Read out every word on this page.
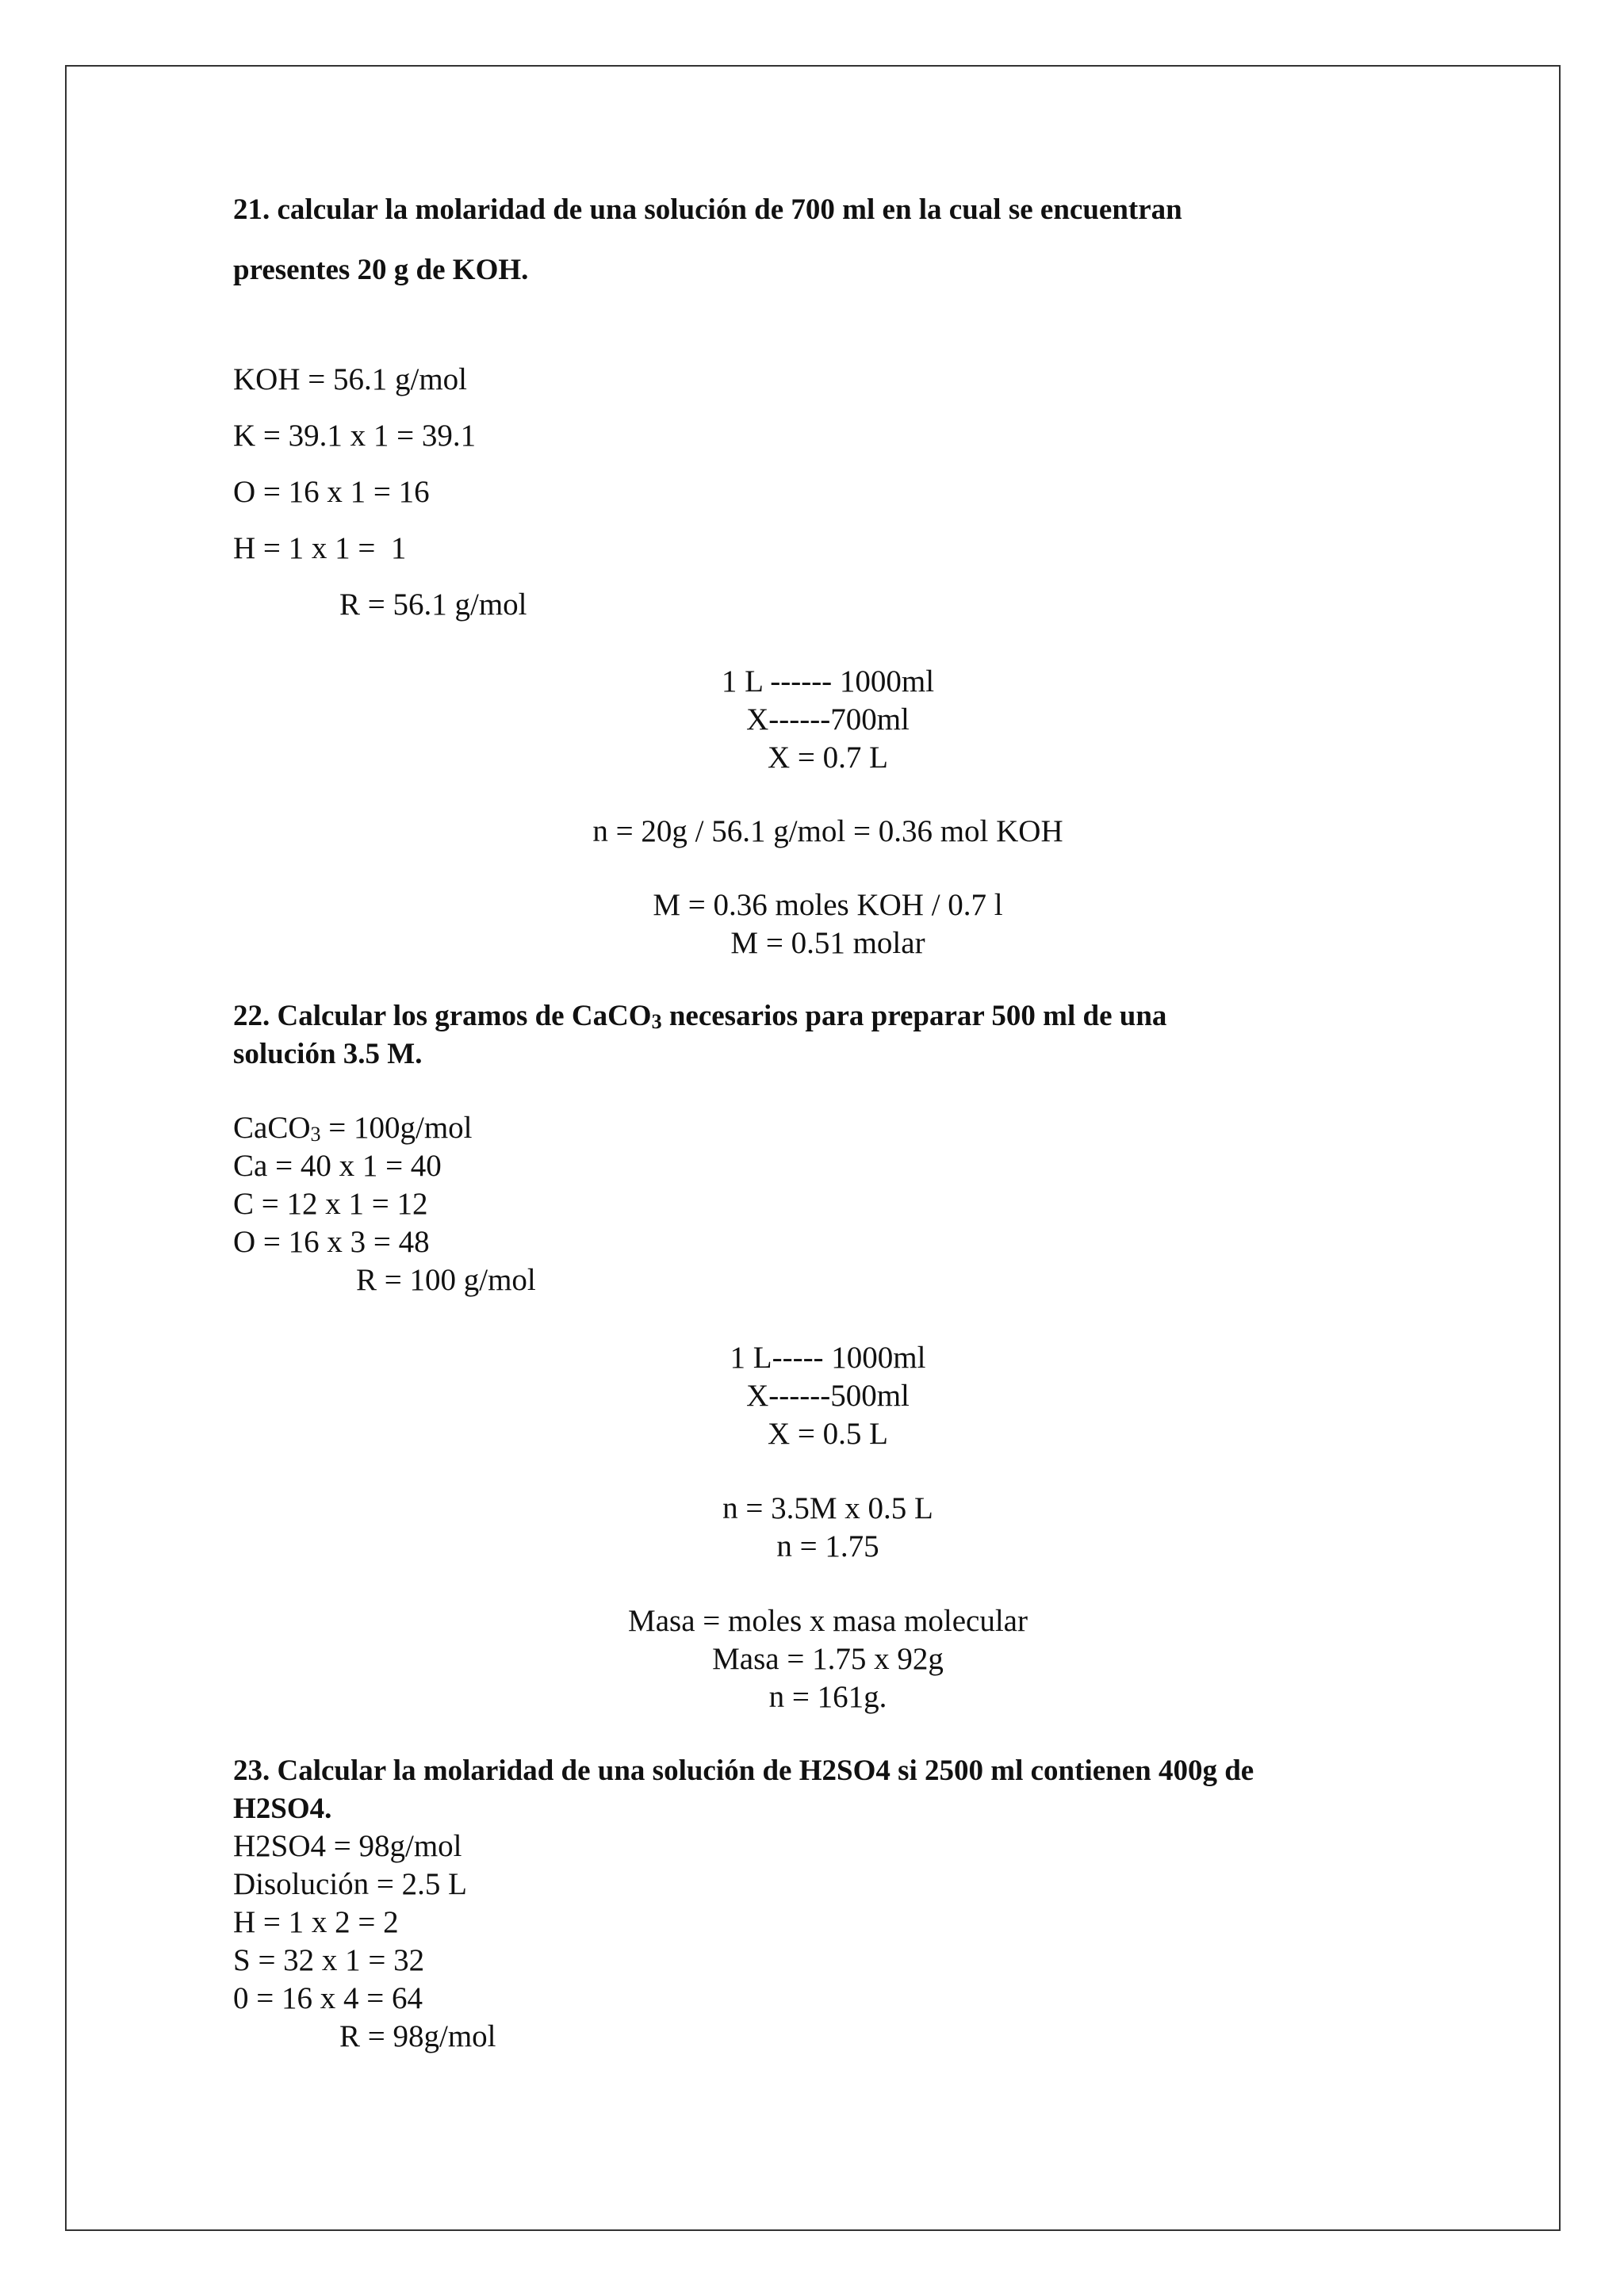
21. calcular la molaridad de una solución de 700 ml en la cual se encuentran

presentes 20 g de KOH.

KOH = 56.1 g/mol

K = 39.1 x 1 = 39.1

O = 16 x 1 = 16

H = 1 x 1 =  1

R = 56.1 g/mol

1 L ------ 1000ml

X------700ml

X = 0.7 L

n = 20g / 56.1 g/mol = 0.36 mol KOH

M = 0.36 moles KOH / 0.7 l

M = 0.51 molar

22. Calcular los gramos de CaCO$_3$ necesarios para preparar 500 ml de una

solución 3.5 M.

CaCO$_3$ = 100g/mol

Ca = 40 x 1 = 40

C = 12 x 1 = 12

O = 16 x 3 = 48

R = 100 g/mol

1 L----- 1000ml

X------500ml

X = 0.5 L

n = 3.5M x 0.5 L

n = 1.75

Masa = moles x masa molecular

Masa = 1.75 x 92g

n = 161g.

23. Calcular la molaridad de una solución de H2SO4 si 2500 ml contienen 400g de

H2SO4.

H2SO4 = 98g/mol

Disolución = 2.5 L

H = 1 x 2 = 2

S = 32 x 1 = 32

0 = 16 x 4 = 64

R = 98g/mol
